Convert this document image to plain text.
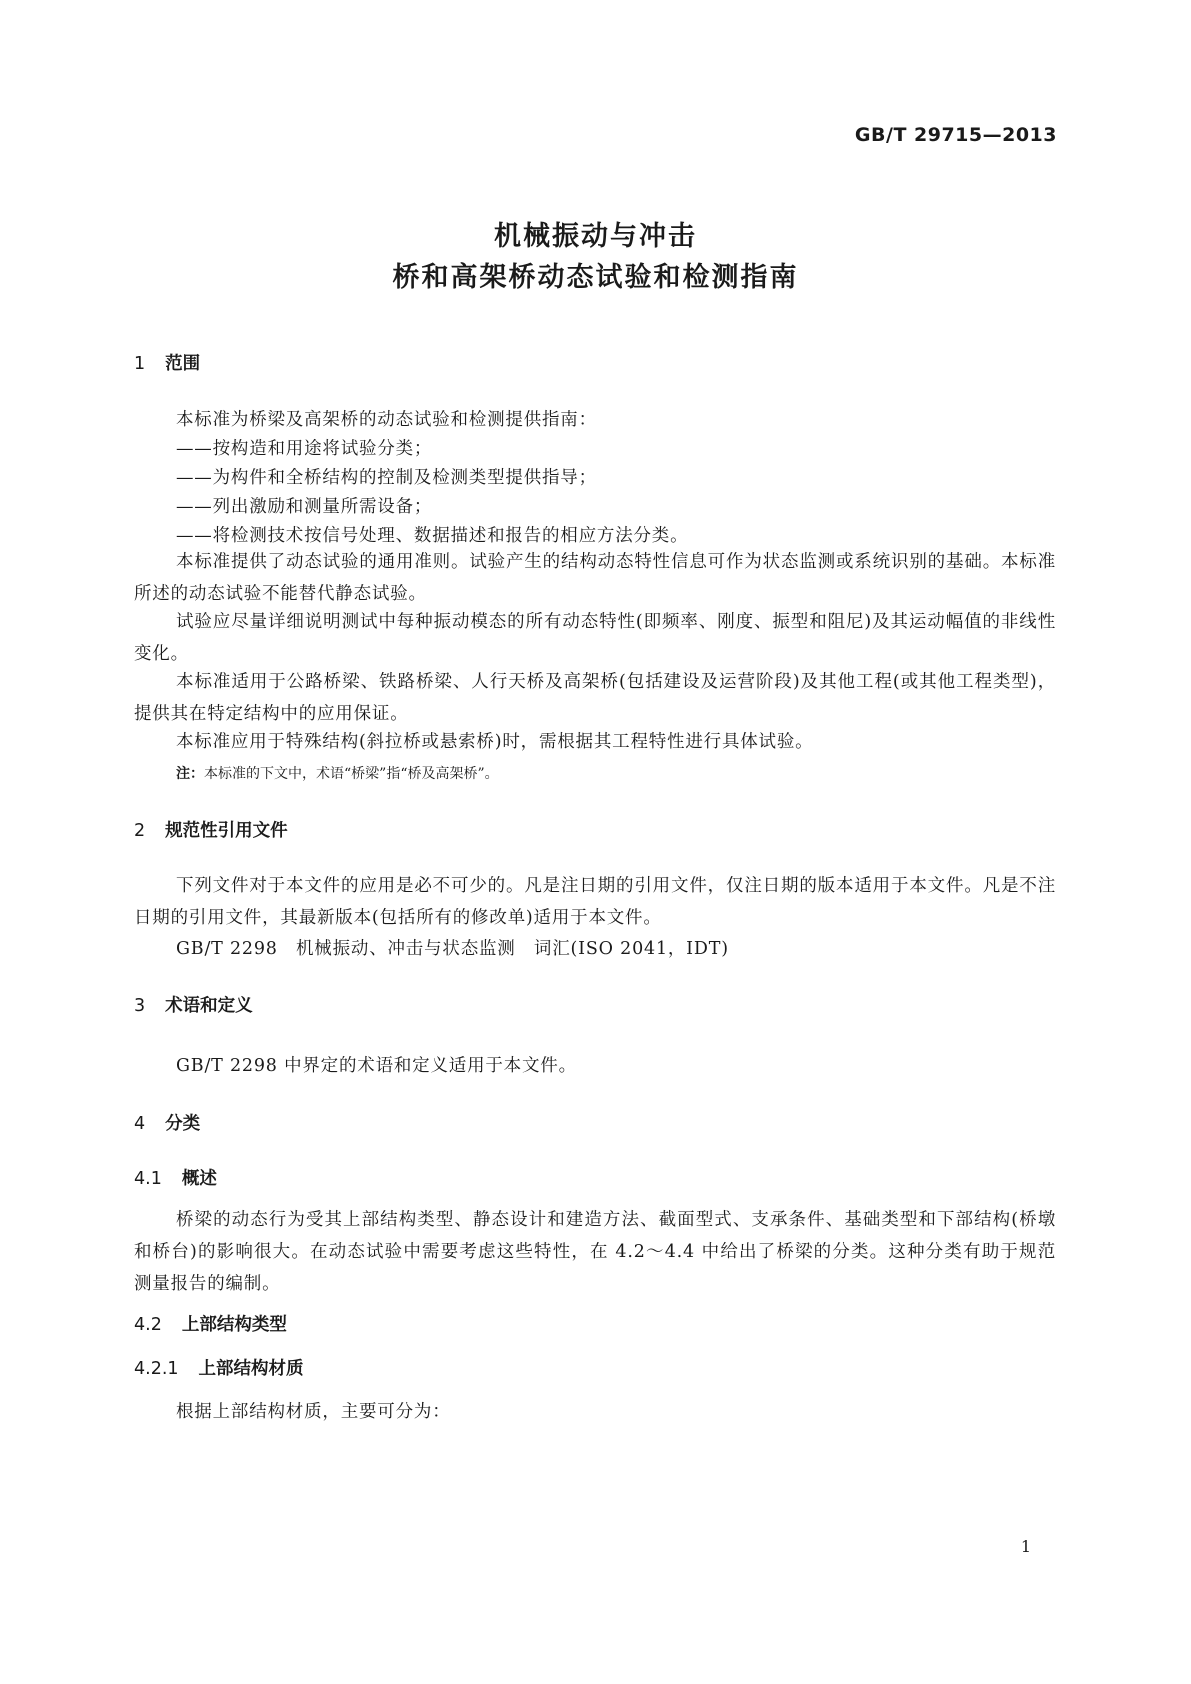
GB/T 29715—2013
机械振动与冲击
桥和高架桥动态试验和检测指南
1 范围
本标准为桥梁及高架桥的动态试验和检测提供指南：
——按构造和用途将试验分类；
——为构件和全桥结构的控制及检测类型提供指导；
——列出激励和测量所需设备；
——将检测技术按信号处理、数据描述和报告的相应方法分类。
本标准提供了动态试验的通用准则。试验产生的结构动态特性信息可作为状态监测或系统识别的基础。本标准所述的动态试验不能替代静态试验。
试验应尽量详细说明测试中每种振动模态的所有动态特性(即频率、刚度、振型和阻尼)及其运动幅值的非线性变化。
本标准适用于公路桥梁、铁路桥梁、人行天桥及高架桥(包括建设及运营阶段)及其他工程(或其他工程类型)，提供其在特定结构中的应用保证。
本标准应用于特殊结构(斜拉桥或悬索桥)时，需根据其工程特性进行具体试验。
注：本标准的下文中，术语“桥梁”指“桥及高架桥”。
2 规范性引用文件
下列文件对于本文件的应用是必不可少的。凡是注日期的引用文件，仅注日期的版本适用于本文件。凡是不注日期的引用文件，其最新版本(包括所有的修改单)适用于本文件。
GB/T 2298　机械振动、冲击与状态监测　词汇(ISO 2041，IDT)
3 术语和定义
GB/T 2298 中界定的术语和定义适用于本文件。
4 分类
4.1 概述
桥梁的动态行为受其上部结构类型、静态设计和建造方法、截面型式、支承条件、基础类型和下部结构(桥墩和桥台)的影响很大。在动态试验中需要考虑这些特性，在 4.2～4.4 中给出了桥梁的分类。这种分类有助于规范测量报告的编制。
4.2 上部结构类型
4.2.1 上部结构材质
根据上部结构材质，主要可分为：
1
